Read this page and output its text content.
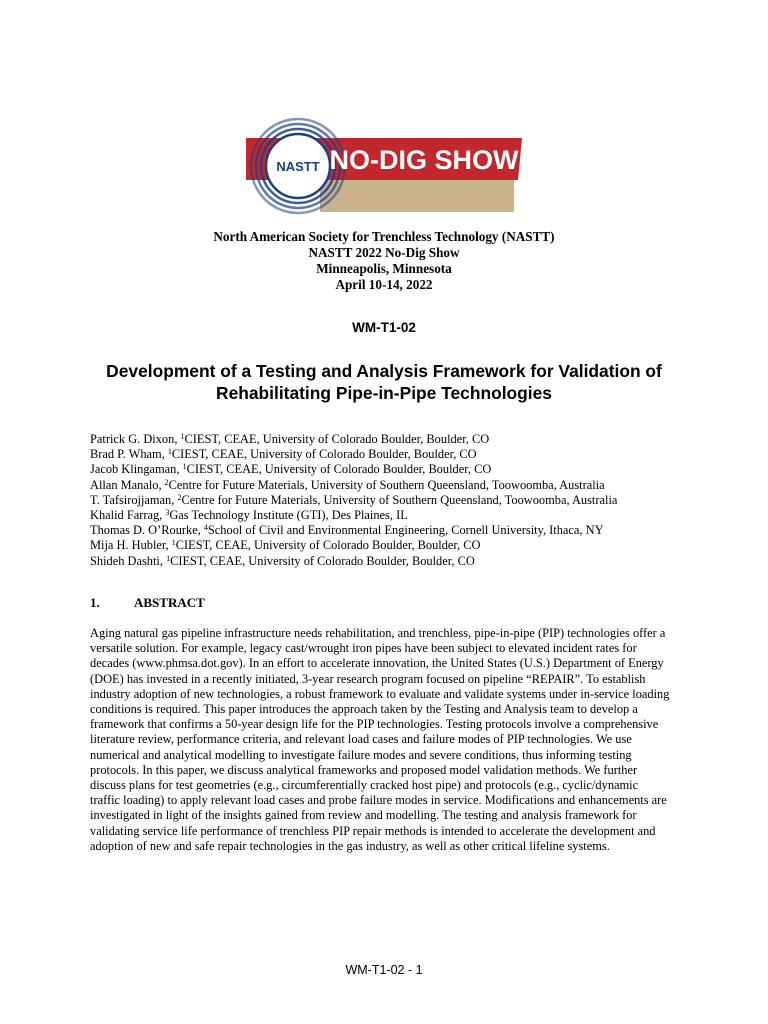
NASTT NO-DIG SHOW
North American Society for Trenchless Technology (NASTT)
NASTT 2022 No-Dig Show
Minneapolis, Minnesota
April 10-14, 2022
WM-T1-02
Development of a Testing and Analysis Framework for Validation of
Rehabilitating Pipe-in-Pipe Technologies
Patrick G. Dixon, $^1$CIEST, CEAE, University of Colorado Boulder, Boulder, CO
Brad P. Wham, $^1$CIEST, CEAE, University of Colorado Boulder, Boulder, CO
Jacob Klingaman, $^1$CIEST, CEAE, University of Colorado Boulder, Boulder, CO
Allan Manalo, $^2$Centre for Future Materials, University of Southern Queensland, Toowoomba, Australia
T. Tafsirojjaman, $^2$Centre for Future Materials, University of Southern Queensland, Toowoomba, Australia
Khalid Farrag, $^3$Gas Technology Institute (GTI), Des Plaines, IL
Thomas D. O’Rourke, $^4$School of Civil and Environmental Engineering, Cornell University, Ithaca, NY
Mija H. Hubler, $^1$CIEST, CEAE, University of Colorado Boulder, Boulder, CO
Shideh Dashti, $^1$CIEST, CEAE, University of Colorado Boulder, Boulder, CO
1.	ABSTRACT
Aging natural gas pipeline infrastructure needs rehabilitation, and trenchless, pipe-in-pipe (PIP) technologies offer a
versatile solution. For example, legacy cast/wrought iron pipes have been subject to elevated incident rates for
decades (www.phmsa.dot.gov). In an effort to accelerate innovation, the United States (U.S.) Department of Energy
(DOE) has invested in a recently initiated, 3-year research program focused on pipeline “REPAIR”. To establish
industry adoption of new technologies, a robust framework to evaluate and validate systems under in-service loading
conditions is required. This paper introduces the approach taken by the Testing and Analysis team to develop a
framework that confirms a 50-year design life for the PIP technologies. Testing protocols involve a comprehensive
literature review, performance criteria, and relevant load cases and failure modes of PIP technologies. We use
numerical and analytical modelling to investigate failure modes and severe conditions, thus informing testing
protocols. In this paper, we discuss analytical frameworks and proposed model validation methods. We further
discuss plans for test geometries (e.g., circumferentially cracked host pipe) and protocols (e.g., cyclic/dynamic
traffic loading) to apply relevant load cases and probe failure modes in service. Modifications and enhancements are
investigated in light of the insights gained from review and modelling. The testing and analysis framework for
validating service life performance of trenchless PIP repair methods is intended to accelerate the development and
adoption of new and safe repair technologies in the gas industry, as well as other critical lifeline systems.
WM-T1-02 - 1
